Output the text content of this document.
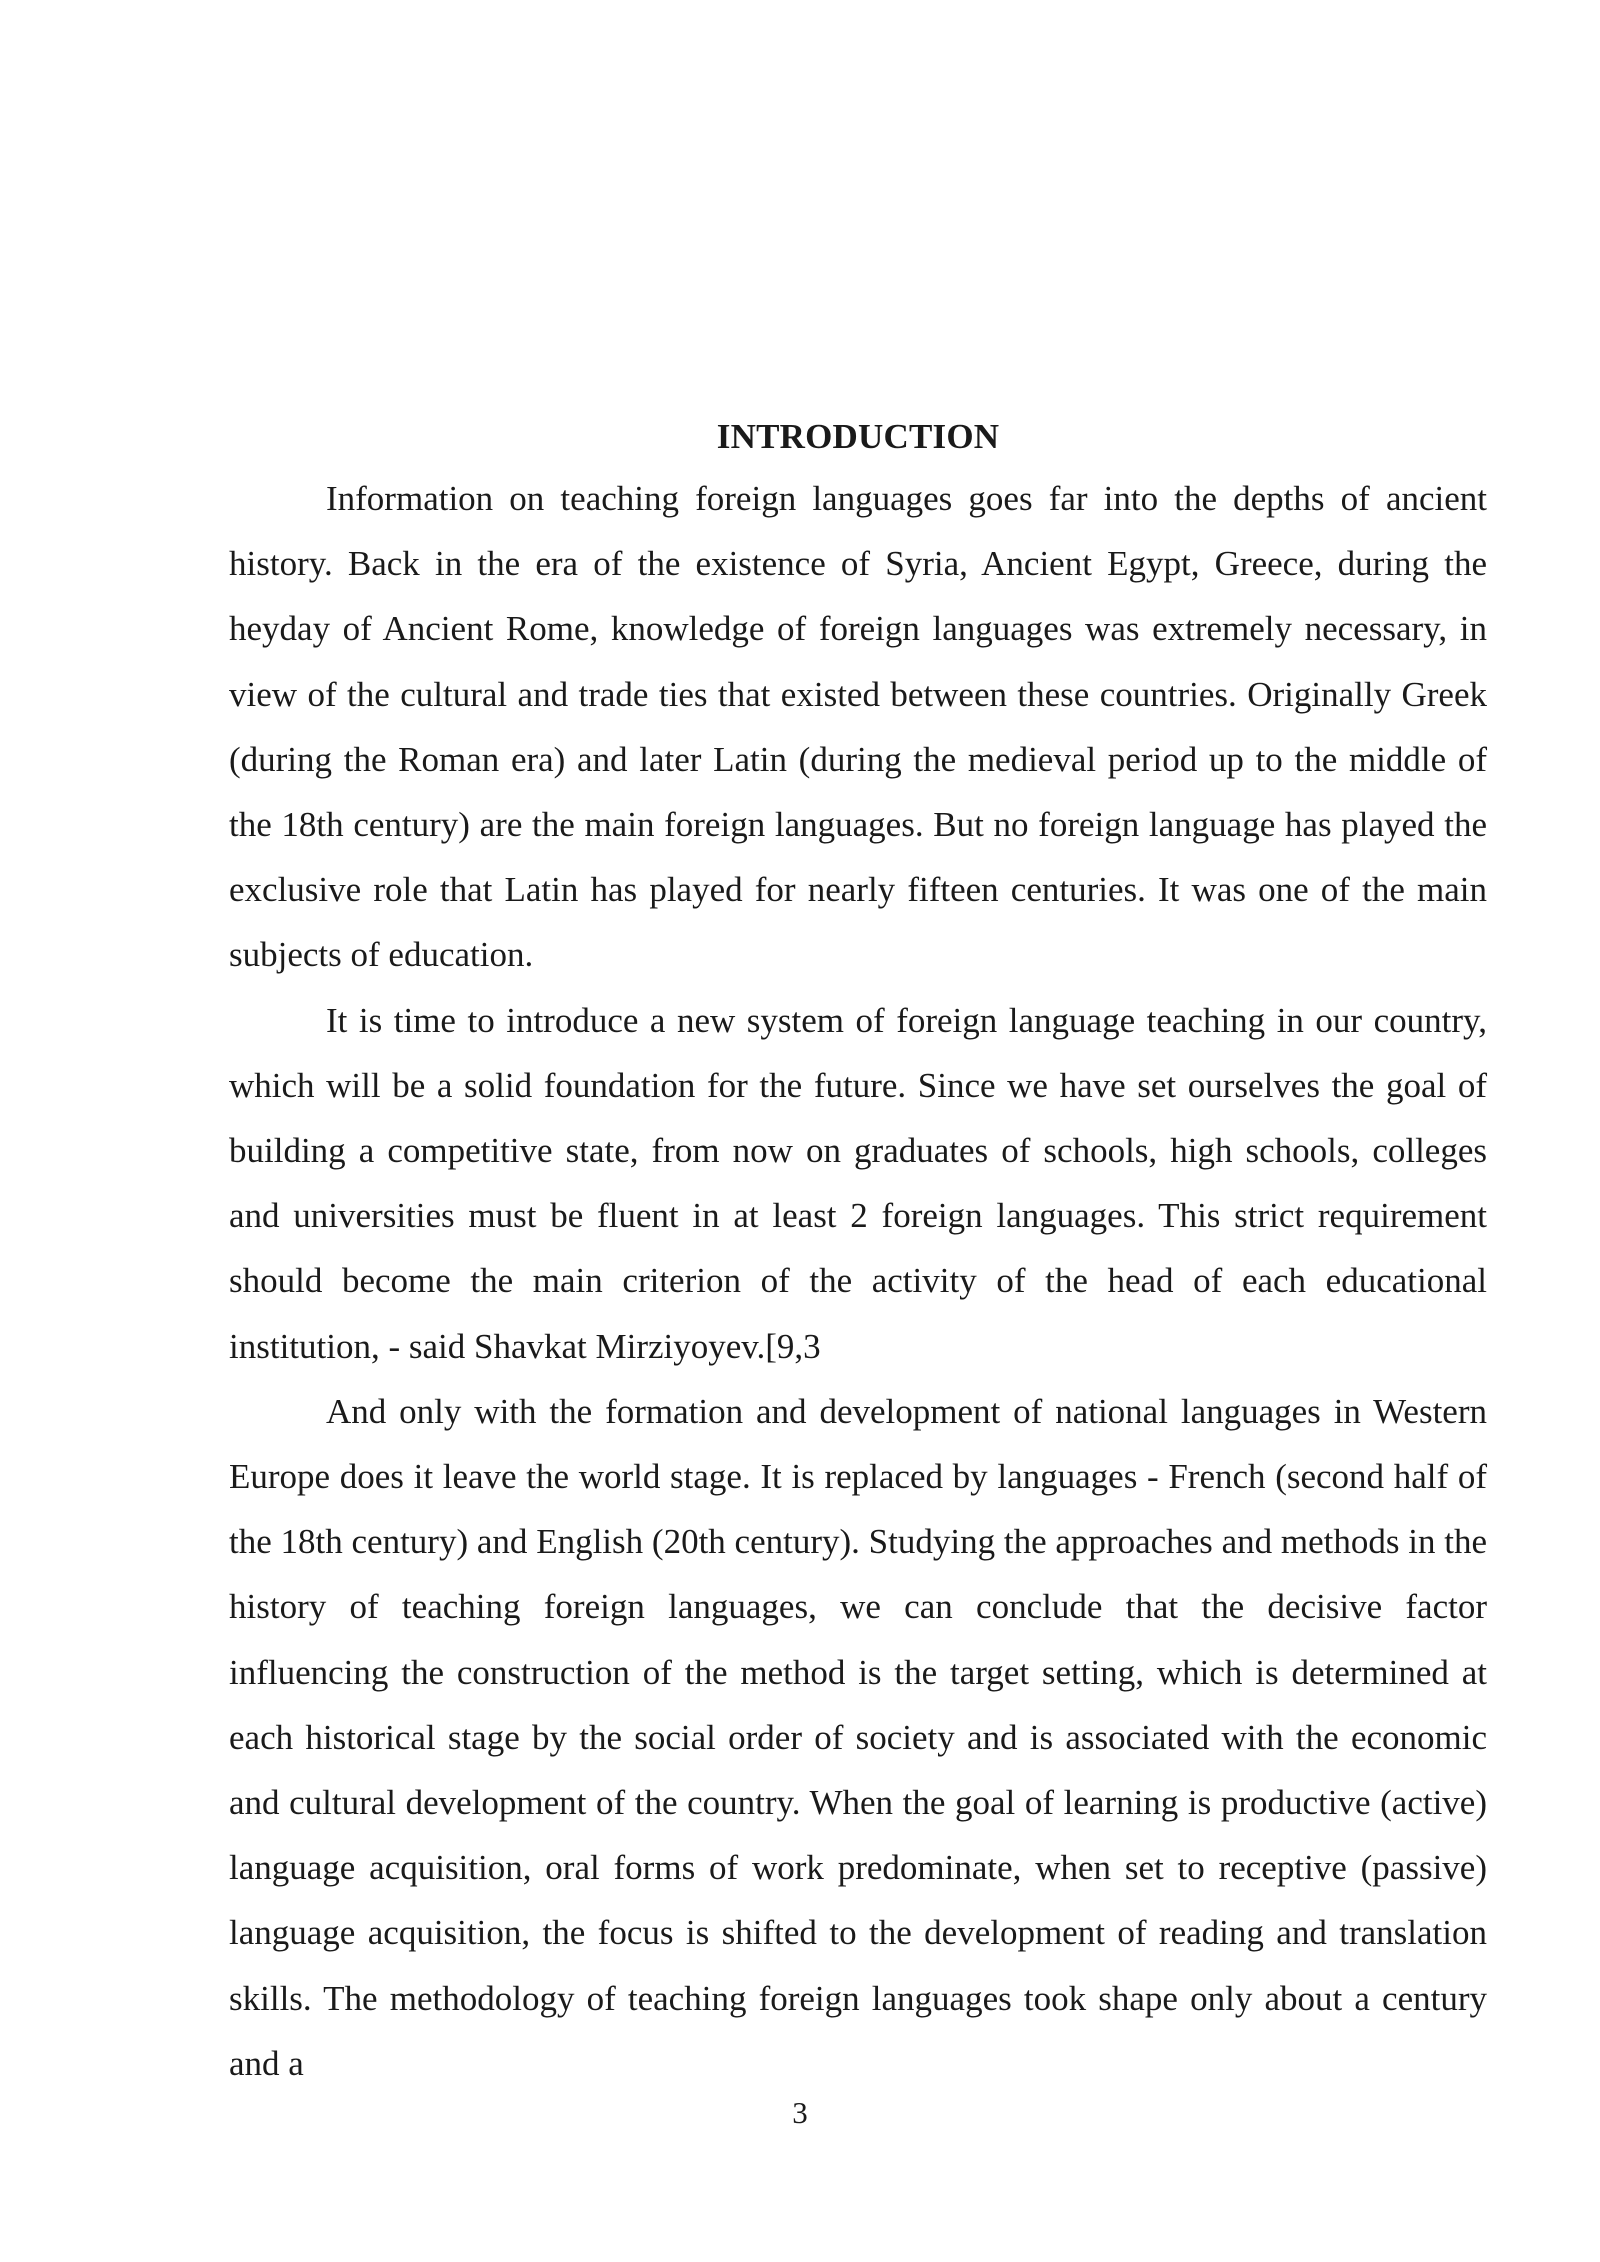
INTRODUCTION

Information on teaching foreign languages goes far into the depths of ancient history. Back in the era of the existence of Syria, Ancient Egypt, Greece, during the heyday of Ancient Rome, knowledge of foreign languages was extremely necessary, in view of the cultural and trade ties that existed between these countries. Originally Greek (during the Roman era) and later Latin (during the medieval period up to the middle of the 18th century) are the main foreign languages. But no foreign language has played the exclusive role that Latin has played for nearly fifteen centuries. It was one of the main subjects of education.

It is time to introduce a new system of foreign language teaching in our country, which will be a solid foundation for the future. Since we have set ourselves the goal of building a competitive state, from now on graduates of schools, high schools, colleges and universities must be fluent in at least 2 foreign languages. This strict requirement should become the main criterion of the activity of the head of each educational institution, - said Shavkat Mirziyoyev.[9,3

And only with the formation and development of national languages in Western Europe does it leave the world stage. It is replaced by languages - French (second half of the 18th century) and English (20th century). Studying the approaches and methods in the history of teaching foreign languages, we can conclude that the decisive factor influencing the construction of the method is the target setting, which is determined at each historical stage by the social order of society and is associated with the economic and cultural development of the country. When the goal of learning is productive (active) language acquisition, oral forms of work predominate, when set to receptive (passive) language acquisition, the focus is shifted to the development of reading and translation skills. The methodology of teaching foreign languages took shape only about a century and a

3
